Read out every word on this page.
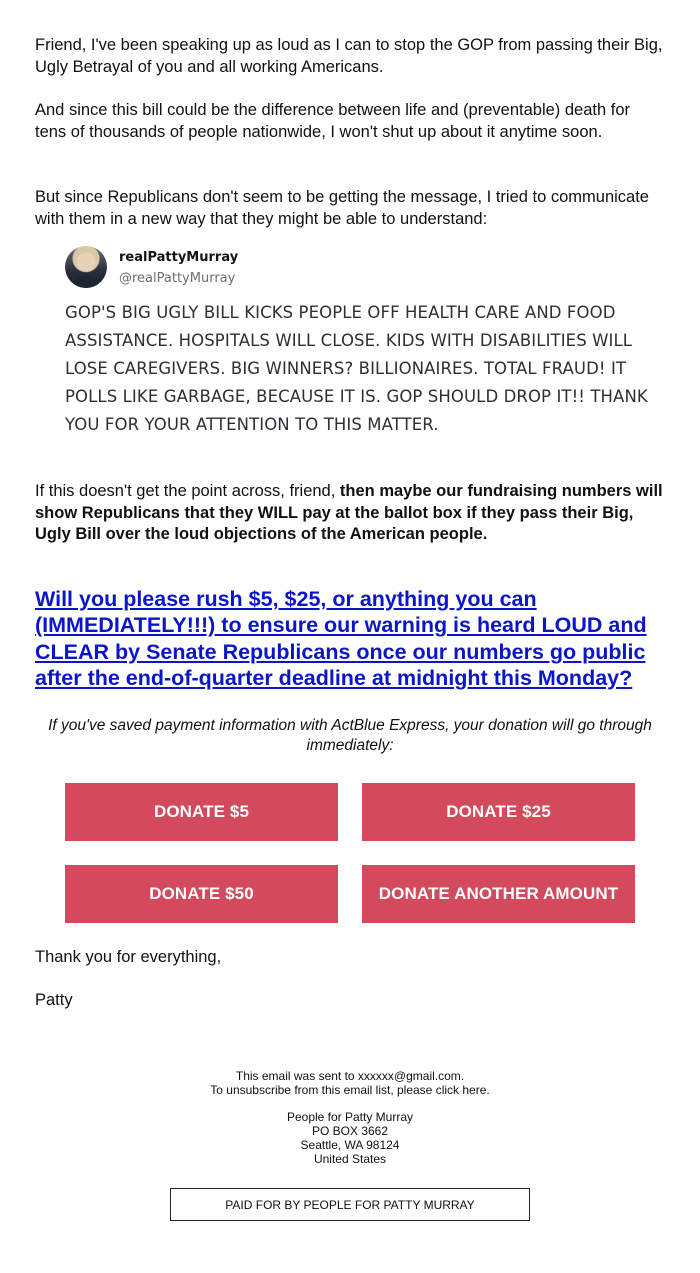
Friend, I've been speaking up as loud as I can to stop the GOP from passing their Big, Ugly Betrayal of you and all working Americans.

And since this bill could be the difference between life and (preventable) death for tens of thousands of people nationwide, I won't shut up about it anytime soon.

But since Republicans don't seem to be getting the message, I tried to communicate with them in a new way that they might be able to understand:

realPattyMurray
@realPattyMurray
GOP'S BIG UGLY BILL KICKS PEOPLE OFF HEALTH CARE AND FOOD ASSISTANCE. HOSPITALS WILL CLOSE. KIDS WITH DISABILITIES WILL LOSE CAREGIVERS. BIG WINNERS? BILLIONAIRES. TOTAL FRAUD! IT POLLS LIKE GARBAGE, BECAUSE IT IS. GOP SHOULD DROP IT!! THANK YOU FOR YOUR ATTENTION TO THIS MATTER.

If this doesn't get the point across, friend, then maybe our fundraising numbers will show Republicans that they WILL pay at the ballot box if they pass their Big, Ugly Bill over the loud objections of the American people.

Will you please rush $5, $25, or anything you can (IMMEDIATELY!!!) to ensure our warning is heard LOUD and CLEAR by Senate Republicans once our numbers go public after the end-of-quarter deadline at midnight this Monday?

If you've saved payment information with ActBlue Express, your donation will go through immediately:

DONATE $5	DONATE $25
DONATE $50	DONATE ANOTHER AMOUNT

Thank you for everything,

Patty

This email was sent to xxxxxx@gmail.com.
To unsubscribe from this email list, please click here.
People for Patty Murray
PO BOX 3662
Seattle, WA 98124
United States
PAID FOR BY PEOPLE FOR PATTY MURRAY
